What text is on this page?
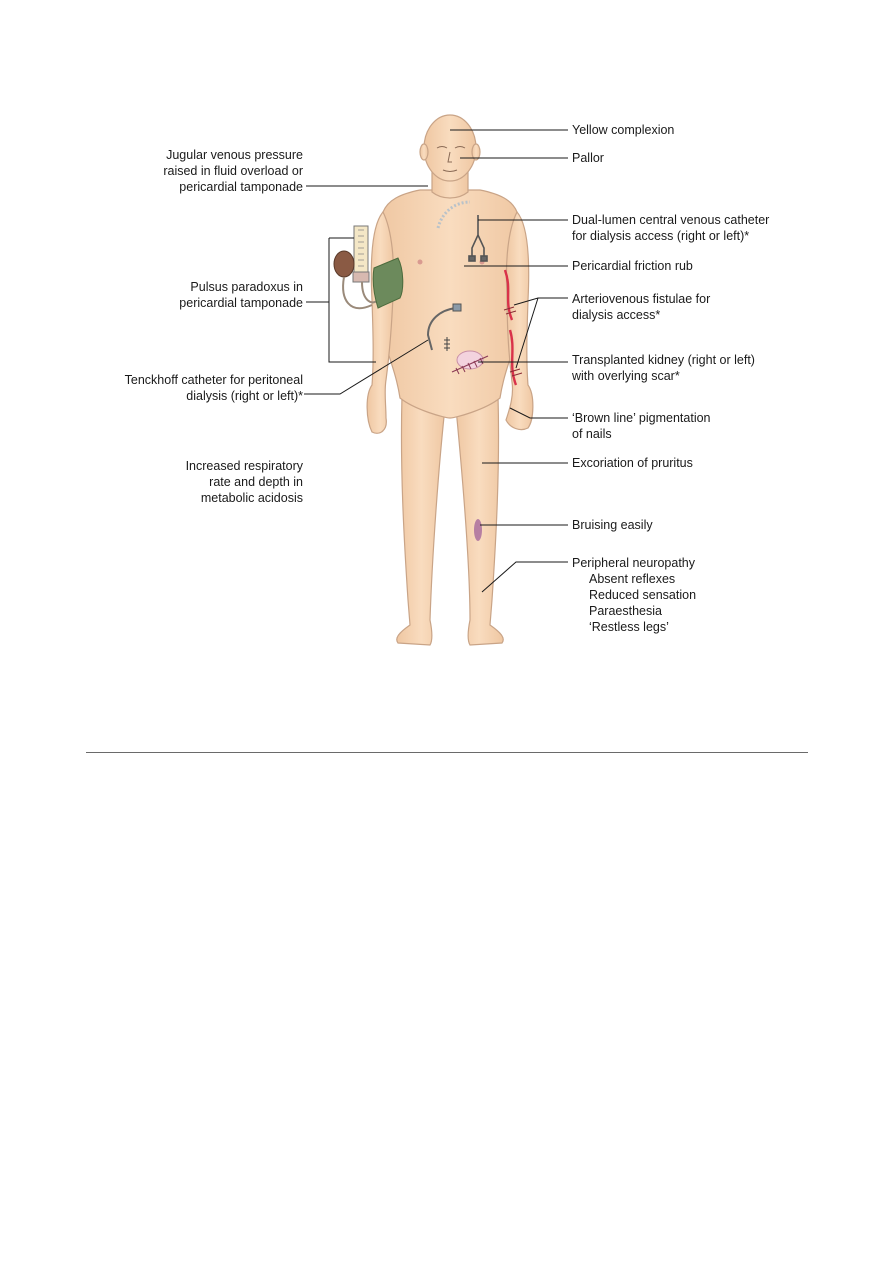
Jugular venous pressure
raised in fluid overload or
pericardial tamponade
Pulsus paradoxus in
pericardial tamponade
Tenckhoff catheter for peritoneal
dialysis (right or left)*
Increased respiratory
rate and depth in
metabolic acidosis
Yellow complexion
Pallor
Dual-lumen central venous catheter
for dialysis access (right or left)*
Pericardial friction rub
Arteriovenous fistulae for
dialysis access*
Transplanted kidney (right or left)
with overlying scar*
‘Brown line’ pigmentation
of nails
Excoriation of pruritus
Bruising easily
Peripheral neuropathy
Absent reflexes
Reduced sensation
Paraesthesia
‘Restless legs’
